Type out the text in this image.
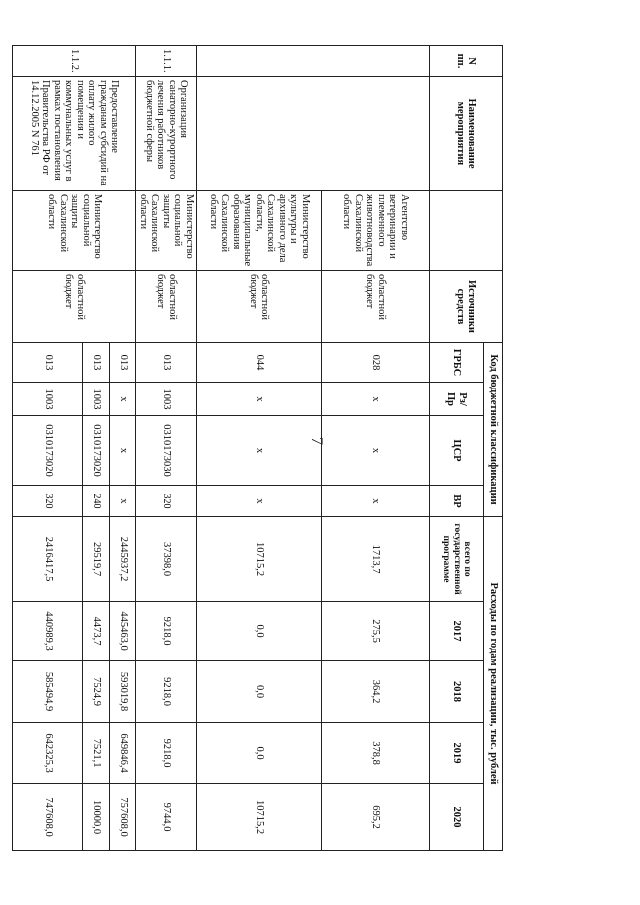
7
N пп.	Наименование мероприятия		Источники средств	Код бюджетной классификации				Расходы по годам реализации, тыс. рублей				
				ГРБС	Рз/Пр	ЦСР	ВР	всего по государственной программе	2017	2018	2019	2020
		Агентство ветеринарии и племенного животноводства Сахалинской области	областной бюджет	028	x	x	x	1713,7	275,5	364,2	378,8	695,2
		Министерство культуры и архивного дела Сахалинской области, муниципальные образования Сахалинской области	областной бюджет	044	x	x	x	10715,2	0,0	0,0	0,0	10715,2
1.1.1.	Организация санаторно-курортного лечения работников бюджетной сферы	Министерство социальной защиты Сахалинской области	областной бюджет	013	1003	0310173030	320	37398,0	9218,0	9218,0	9218,0	9744,0
1.1.2.	Предоставление гражданам субсидий на оплату жилого помещения и коммунальных услуг в рамках постановления Правительства РФ от 14.12.2005 N 761	Министерство социальной защиты Сахалинской области	областной бюджет	013	x	x	x	2445937,2	445463,0	593019,8	649846,4	757608,0
				013	1003	0310173020	240	29519,7	4473,7	7524,9	7521,1	10000,0
				013	1003	0310173020	320	2416417,5	440989,3	585494,9	642325,3	747608,0
